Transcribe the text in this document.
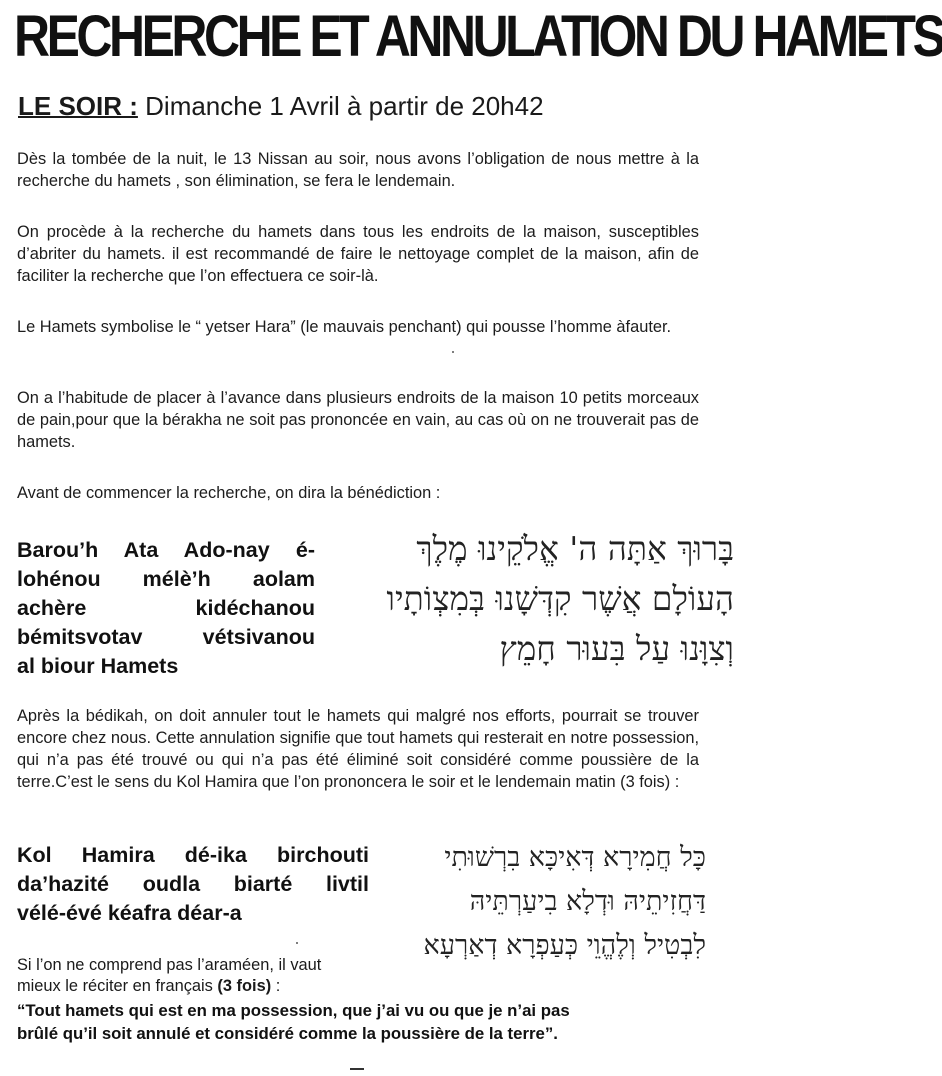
RECHERCHE ET ANNULATION DU HAMETS
LE SOIR : Dimanche 1 Avril à partir de 20h42

Dès la tombée de la nuit, le 13 Nissan au soir, nous avons l’obligation de nous mettre à la recherche du hamets , son élimination, se fera le lendemain.

On procède à la recherche du hamets dans tous les endroits de la maison, susceptibles d’abriter du hamets. il est recommandé de faire le nettoyage complet de la maison, afin de faciliter la recherche que l’on effectuera ce soir-là.

Le Hamets symbolise le “ yetser Hara” (le mauvais penchant) qui pousse l’homme àfauter.

On a l’habitude de placer à l’avance dans plusieurs endroits de la maison 10 petits morceaux de pain,pour que la bérakha ne soit pas prononcée en vain, au cas où on ne trouverait pas de hamets.

Avant de commencer la recherche, on dira la bénédiction :

Barou’h Ata Ado-nay é-lohénou mélè’h aolam achère kidéchanou bémitsvotav vétsivanou
al biour Hamets
בָּרוּךְ אַתָּה ה' אֱלֹקֵינוּ מֶלֶךְ
הָעוֹלָם אֲשֶׁר קִדְּשָׁנוּ בְּמִצְוֹתָיו
וְצִוָּנוּ עַל בִּעוּר חָמֵץ

Après la bédikah, on doit annuler tout le hamets qui malgré nos efforts, pourrait se trouver encore chez nous. Cette annulation signifie que tout hamets qui resterait en notre possession, qui n’a pas été trouvé ou qui n’a pas été éliminé soit considéré comme poussière de la terre.C’est le sens du Kol Hamira que l’on prononcera le soir et le lendemain matin (3 fois) :

Kol Hamira dé-ika birchouti da’hazité oudla biarté livtil
vélé-évé kéafra déar-a
כָּל חֲמִירָא דְּאִיכָּא בִרְשׁוּתִי
דַּחֲזִיתֵיהּ וּדְלָא בִיעַרְתֵּיהּ
לִבְטִיל וְלֶהֱוֵי כְּעַפְרָא דְאַרְעָא
Si l’on ne comprend pas l’araméen, il vaut
mieux le réciter en français (3 fois) :
“Tout hamets qui est en ma possession, que j’ai vu ou que je n’ai pas
brûlé qu’il soit annulé et considéré comme la poussière de la terre”.
